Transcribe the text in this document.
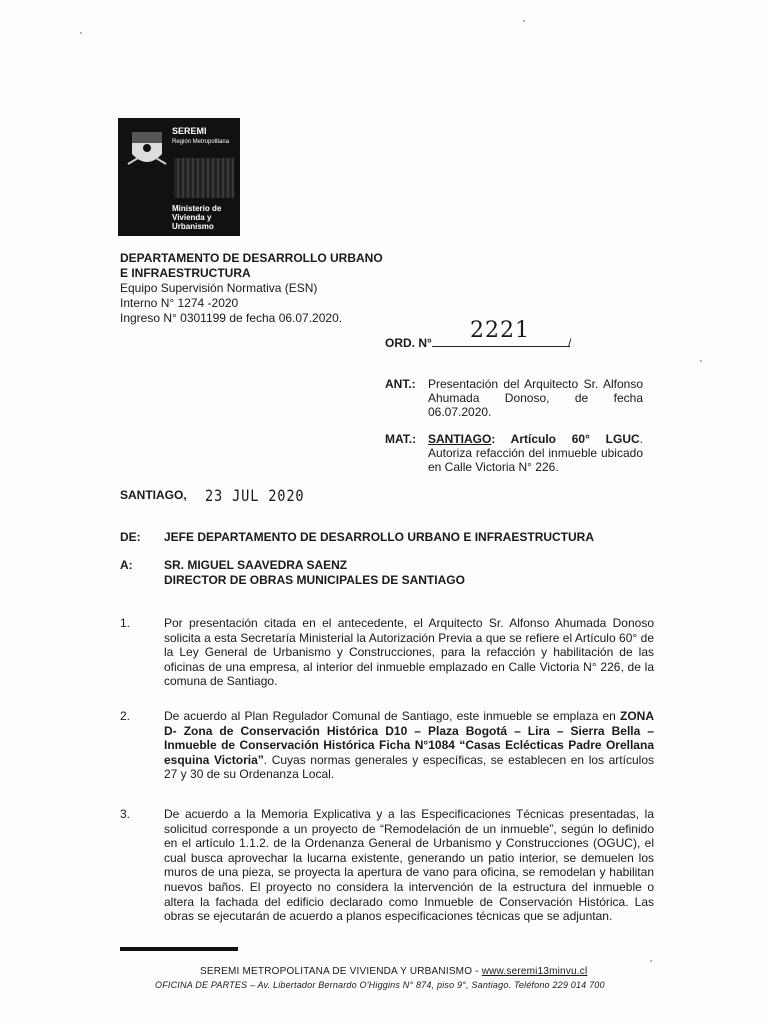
SEREMI
Región Metropolitana
Ministerio de
Vivienda y
Urbanismo
DEPARTAMENTO DE DESARROLLO URBANO
E INFRAESTRUCTURA
Equipo Supervisión Normativa (ESN)
Interno N° 1274 -2020
Ingreso N° 0301199 de fecha 06.07.2020.
ORD. N° 2221	/
ANT.: Presentación del Arquitecto Sr. Alfonso Ahumada Donoso, de fecha 06.07.2020.
MAT.: SANTIAGO: Artículo 60° LGUC. Autoriza refacción del inmueble ubicado en Calle Victoria N° 226.
SANTIAGO, 23 JUL 2020
DE: JEFE DEPARTAMENTO DE DESARROLLO URBANO E INFRAESTRUCTURA
A:	SR. MIGUEL SAAVEDRA SAENZ
DIRECTOR DE OBRAS MUNICIPALES DE SANTIAGO
1.	Por presentación citada en el antecedente, el Arquitecto Sr. Alfonso Ahumada Donoso solicita a esta Secretaría Ministerial la Autorización Previa a que se refiere el Artículo 60° de la Ley General de Urbanismo y Construcciones, para la refacción y habilitación de las oficinas de una empresa, al interior del inmueble emplazado en Calle Victoria N° 226, de la comuna de Santiago.
2.	De acuerdo al Plan Regulador Comunal de Santiago, este inmueble se emplaza en ZONA D- Zona de Conservación Histórica D10 – Plaza Bogotá – Lira – Sierra Bella – Inmueble de Conservación Histórica Ficha N°1084 “Casas Eclécticas Padre Orellana esquina Victoria”. Cuyas normas generales y específicas, se establecen en los artículos 27 y 30 de su Ordenanza Local.
3.	De acuerdo a la Memoria Explicativa y a las Especificaciones Técnicas presentadas, la solicitud corresponde a un proyecto de “Remodelación de un inmueble”, según lo definido en el artículo 1.1.2. de la Ordenanza General de Urbanismo y Construcciones (OGUC), el cual busca aprovechar la lucarna existente, generando un patio interior, se demuelen los muros de una pieza, se proyecta la apertura de vano para oficina, se remodelan y habilitan nuevos baños. El proyecto no considera la intervención de la estructura del inmueble o altera la fachada del edificio declarado como Inmueble de Conservación Histórica. Las obras se ejecutarán de acuerdo a planos especificaciones técnicas que se adjuntan.
SEREMI METROPOLITANA DE VIVIENDA Y URBANISMO - www.seremi13minvu.cl
OFICINA DE PARTES – Av. Libertador Bernardo O'Higgins N° 874, piso 9°, Santiago. Teléfono 229 014 700
